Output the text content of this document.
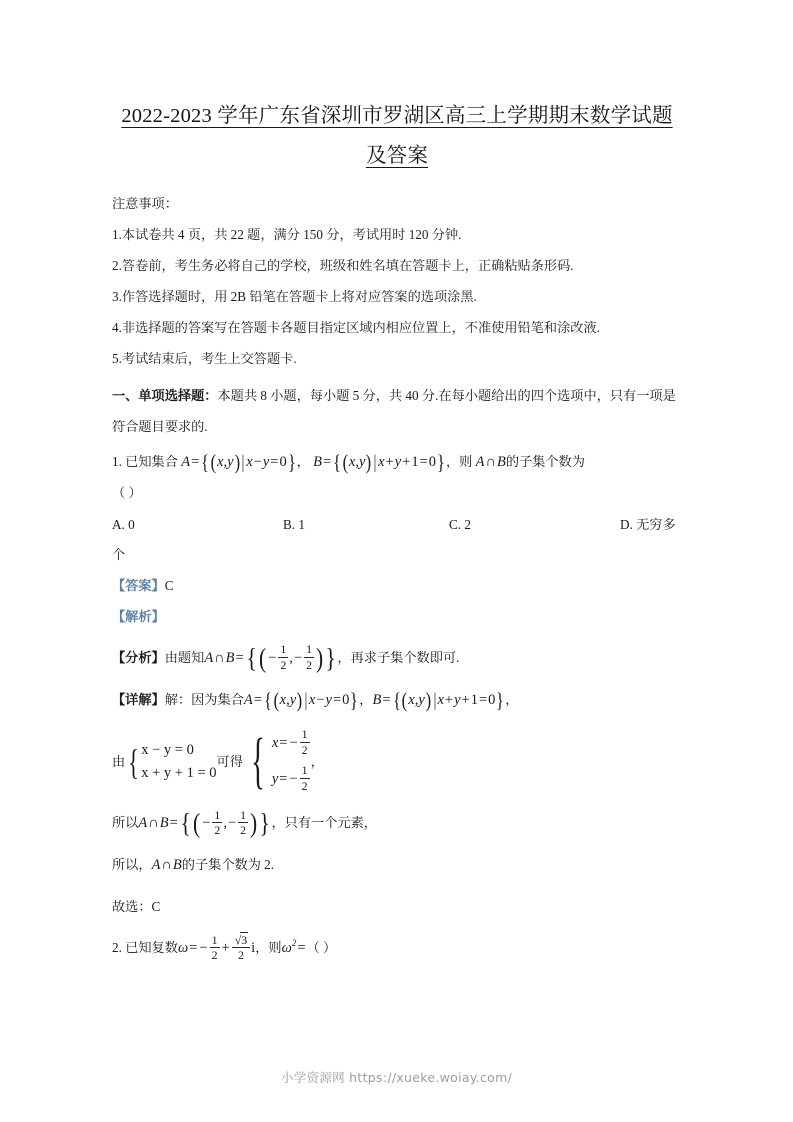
2022-2023 学年广东省深圳市罗湖区高三上学期期末数学试题及答案

注意事项：

1.本试卷共 4 页，共 22 题，满分 150 分，考试用时 120 分钟.

2.答卷前，考生务必将自己的学校，班级和姓名填在答题卡上，正确粘贴条形码.

3.作答选择题时，用 2B 铅笔在答题卡上将对应答案的选项涂黑.

4.非选择题的答案写在答题卡各题目指定区域内相应位置上，不准使用铅笔和涂改液.

5.考试结束后，考生上交答题卡.

一、单项选择题：本题共 8 小题，每小题 5 分，共 40 分.在每小题给出的四个选项中，只有一项是符合题目要求的.

1. 已知集合 A={(x,y) | x−y=0}， B={(x,y) | x+y+1=0}，则 A∩B的子集个数为

（ ）

A. 0	B. 1	C. 2	D. 无穷多

个

【答案】C

【解析】

【分析】由题知A∩B={( − $\frac{1}{2}$ ,− $\frac{1}{2}$ )}，再求子集个数即可.

【详解】解：因为集合A={(x,y) | x−y=0}，B={(x,y) | x+y+1=0}，

由 { x − y = 0
x + y + 1 = 0
可得 { $x= - \frac{1}{2}$
$y= - \frac{1}{2}$
，

所以A∩B={( − $\frac{1}{2}$ ,− $\frac{1}{2}$ )}，只有一个元素，

所以，A∩B的子集个数为 2.

故选：C

2. 已知复数$\omega= - \frac{1}{2} + \frac{√3}{2}$ i，则$\omega^2=$（ ）

小学资源网 https://xueke.woiay.com/
